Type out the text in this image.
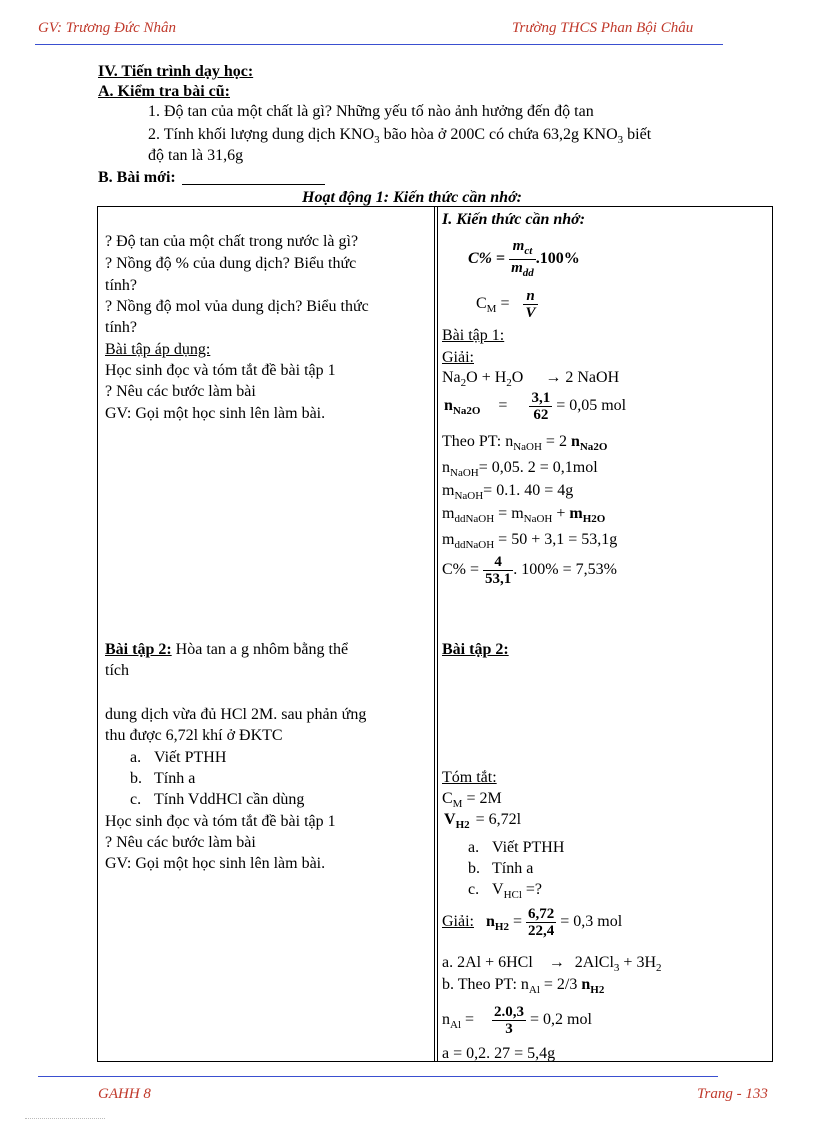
GV: Trương Đức Nhân	Trường THCS Phan Bội Châu
IV. Tiến trình dạy học:
A. Kiểm tra bài cũ:
1. Độ tan của một chất là gì? Những yếu tố nào ảnh hưởng đến độ tan
2. Tính khối lượng dung dịch $KNO_3$ bão hòa ở 200C có chứa 63,2g $KNO_3$ biết
độ tan là 31,6g
B. Bài mới:
Hoạt động 1: Kiến thức cần nhớ:
? Độ tan của một chất trong nước là gì?
? Nồng độ % của dung dịch? Biểu thức
tính?
? Nồng độ mol vủa dung dịch? Biểu thức
tính?
Bài tập áp dụng:
Học sinh đọc và tóm tắt đề bài tập 1
? Nêu các bước làm bài
GV: Gọi một học sinh lên làm bài.
Bài tập 2: Hòa tan a g nhôm bằng thể
tích
dung dịch vừa đủ HCl 2M. sau phản ứng
thu được 6,72l khí ở ĐKTC
a. Viết PTHH
b. Tính a
c. Tính VddHCl cần dùng
Học sinh đọc và tóm tắt đề bài tập 1
? Nêu các bước làm bài
GV: Gọi một học sinh lên làm bài.
I. Kiến thức cần nhớ:
$C\% = \frac{m_{ct}}{m_{dd}} .100\%$
$C_M = \frac{n}{V}$
Bài tập 1:
Giải:
$Na_2O + H_2O \to 2$ NaOH
$n_{Na2O} = \frac{3,1}{62} = 0,05$ mol
Theo PT: $n_{NaOH} = 2$ $n_{Na2O}$
$n_{NaOH}= 0,05$. 2 = 0,1mol
$m_{NaOH}= 0.1$. 40 = 4g
$m_{ddNaOH} = m_{NaOH} + m_{H2O}$
$m_{ddNaOH} = 50 + 3,1 = 53,1g$
$C\% = \frac{4}{53,1}$ . 100% = 7,53%
Bài tập 2:
Tóm tắt:
$C_M = 2M$
$V_{H2} = 6,72l$
a. Viết PTHH
b. Tính a
c. $V_{HCl}$ =?
Giải: $n_{H2} = \frac{6,72}{22,4} = 0,3$ mol
a. 2Al + 6HCl → 2AlCl$_3$ + $3H_2$
b. Theo PT: $n_{Al} = 2/3$ $n_{H2}$
$n_{Al} = \frac{2.0,3}{3} = 0,2$ mol
a = 0,2. 27 = 5,4g
GAHH 8	Trang - 133
